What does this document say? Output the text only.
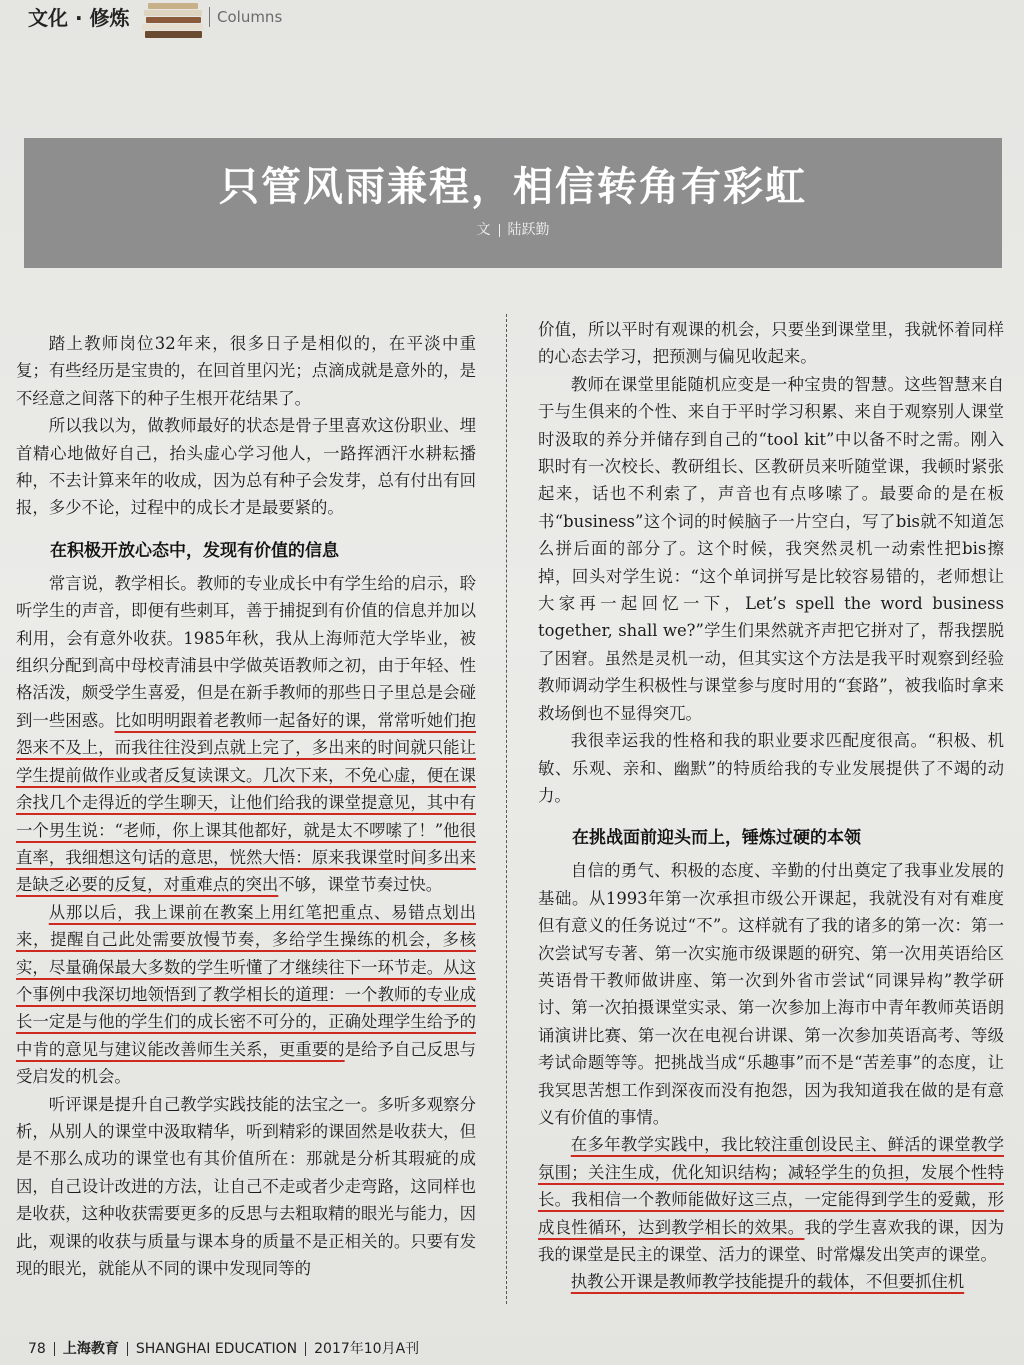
文化 · 修炼	Columns
只管风雨兼程，相信转角有彩虹
文 陆跃勤

踏上教师岗位32年来，很多日子是相似的，在平淡中重复；有些经历是宝贵的，在回首里闪光；点滴成就是意外的，是不经意之间落下的种子生根开花结果了。

所以我以为，做教师最好的状态是骨子里喜欢这份职业、埋首精心地做好自己，抬头虚心学习他人，一路挥洒汗水耕耘播种，不去计算来年的收成，因为总有种子会发芽，总有付出有回报，多少不论，过程中的成长才是最要紧的。

在积极开放心态中，发现有价值的信息

常言说，教学相长。教师的专业成长中有学生给的启示，聆听学生的声音，即便有些刺耳，善于捕捉到有价值的信息并加以利用，会有意外收获。1985年秋，我从上海师范大学毕业，被组织分配到高中母校青浦县中学做英语教师之初，由于年轻、性格活泼，颇受学生喜爱，但是在新手教师的那些日子里总是会碰到一些困惑。比如明明跟着老教师一起备好的课，常常听她们抱怨来不及上，而我往往没到点就上完了，多出来的时间就只能让学生提前做作业或者反复读课文。几次下来，不免心虚，便在课余找几个走得近的学生聊天，让他们给我的课堂提意见，其中有一个男生说：“老师，你上课其他都好，就是太不啰嗦了！”他很直率，我细想这句话的意思，恍然大悟：原来我课堂时间多出来是缺乏必要的反复，对重难点的突出不够，课堂节奏过快。

从那以后，我上课前在教案上用红笔把重点、易错点划出来，提醒自己此处需要放慢节奏，多给学生操练的机会，多核实，尽量确保最大多数的学生听懂了才继续往下一环节走。从这个事例中我深切地领悟到了教学相长的道理：一个教师的专业成长一定是与他的学生们的成长密不可分的，正确处理学生给予的中肯的意见与建议能改善师生关系，更重要的是给予自己反思与受启发的机会。

听评课是提升自己教学实践技能的法宝之一。多听多观察分析，从别人的课堂中汲取精华，听到精彩的课固然是收获大，但是不那么成功的课堂也有其价值所在：那就是分析其瑕疵的成因，自己设计改进的方法，让自己不走或者少走弯路，这同样也是收获，这种收获需要更多的反思与去粗取精的眼光与能力，因此，观课的收获与质量与课本身的质量不是正相关的。只要有发现的眼光，就能从不同的课中发现同等的

价值，所以平时有观课的机会，只要坐到课堂里，我就怀着同样的心态去学习，把预测与偏见收起来。

教师在课堂里能随机应变是一种宝贵的智慧。这些智慧来自于与生俱来的个性、来自于平时学习积累、来自于观察别人课堂时汲取的养分并储存到自己的“tool kit”中以备不时之需。刚入职时有一次校长、教研组长、区教研员来听随堂课，我顿时紧张起来，话也不利索了，声音也有点哆嗦了。最要命的是在板书“business”这个词的时候脑子一片空白，写了bis就不知道怎么拼后面的部分了。这个时候，我突然灵机一动索性把bis擦掉，回头对学生说：“这个单词拼写是比较容易错的，老师想让大家再一起回忆一下，Let’s spell the word business together, shall we?”学生们果然就齐声把它拼对了，帮我摆脱了困窘。虽然是灵机一动，但其实这个方法是我平时观察到经验教师调动学生积极性与课堂参与度时用的“套路”，被我临时拿来救场倒也不显得突兀。

我很幸运我的性格和我的职业要求匹配度很高。“积极、机敏、乐观、亲和、幽默”的特质给我的专业发展提供了不竭的动力。

在挑战面前迎头而上，锤炼过硬的本领

自信的勇气、积极的态度、辛勤的付出奠定了我事业发展的基础。从1993年第一次承担市级公开课起，我就没有对有难度但有意义的任务说过“不”。这样就有了我的诸多的第一次：第一次尝试写专著、第一次实施市级课题的研究、第一次用英语给区英语骨干教师做讲座、第一次到外省市尝试“同课异构”教学研讨、第一次拍摄课堂实录、第一次参加上海市中青年教师英语朗诵演讲比赛、第一次在电视台讲课、第一次参加英语高考、等级考试命题等等。把挑战当成“乐趣事”而不是“苦差事”的态度，让我冥思苦想工作到深夜而没有抱怨，因为我知道我在做的是有意义有价值的事情。

在多年教学实践中，我比较注重创设民主、鲜活的课堂教学氛围；关注生成，优化知识结构；减轻学生的负担，发展个性特长。我相信一个教师能做好这三点，一定能得到学生的爱戴，形成良性循环，达到教学相长的效果。我的学生喜欢我的课，因为我的课堂是民主的课堂、活力的课堂、时常爆发出笑声的课堂。

执教公开课是教师教学技能提升的载体，不但要抓住机

78 上海教育 SHANGHAI EDUCATION 2017年10月A刊
